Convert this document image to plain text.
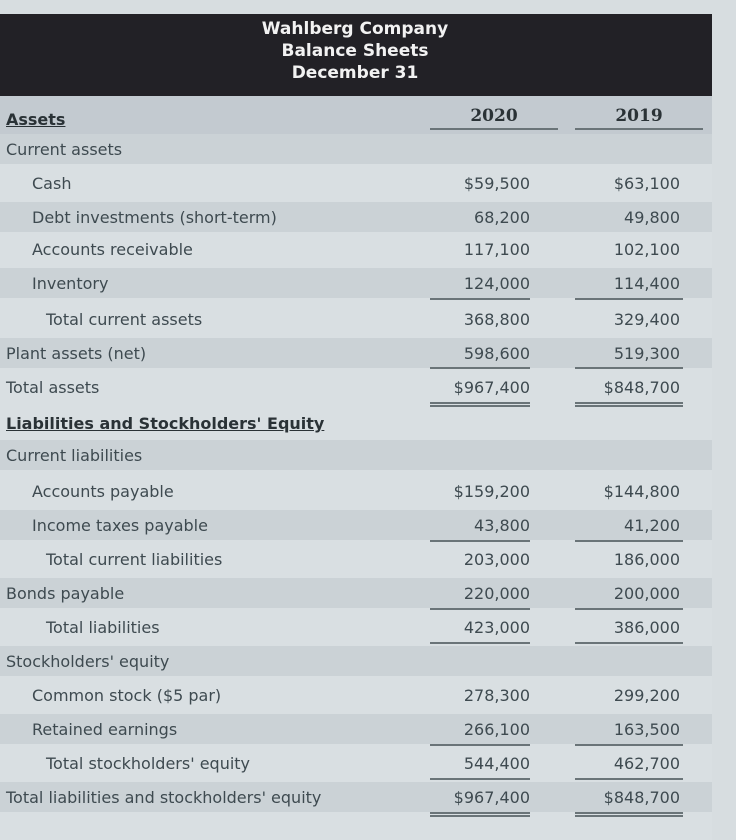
Wahlberg Company
Balance Sheets
December 31
Assets	2020	2019
Current assets
Cash	$59,500	$63,100
Debt investments (short-term)	68,200	49,800
Accounts receivable	117,100	102,100
Inventory	124,000	114,400
Total current assets	368,800	329,400
Plant assets (net)	598,600	519,300
Total assets	$967,400	$848,700
Liabilities and Stockholders' Equity
Current liabilities
Accounts payable	$159,200	$144,800
Income taxes payable	43,800	41,200
Total current liabilities	203,000	186,000
Bonds payable	220,000	200,000
Total liabilities	423,000	386,000
Stockholders' equity
Common stock ($5 par)	278,300	299,200
Retained earnings	266,100	163,500
Total stockholders' equity	544,400	462,700
Total liabilities and stockholders' equity	$967,400	$848,700
